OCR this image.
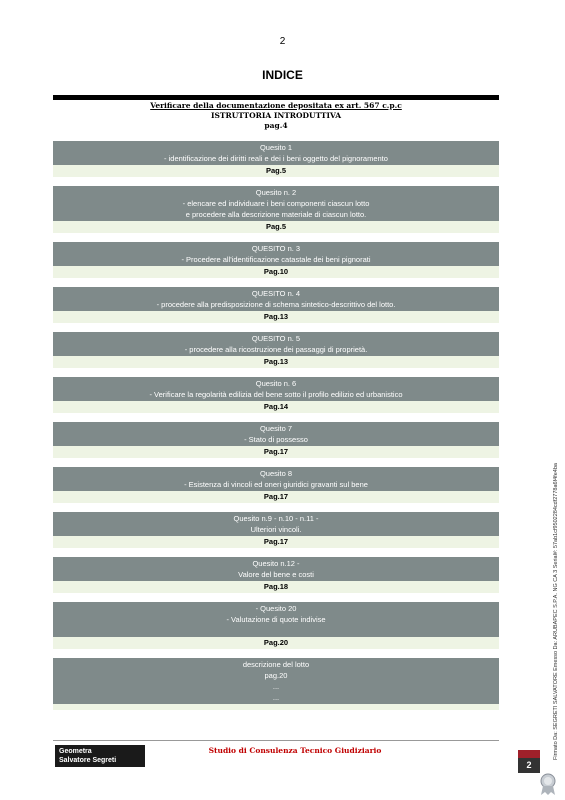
2
INDICE
Verificare della documentazione depositata ex art. 567 c.p.c
ISTRUTTORIA INTRODUTTIVA
pag.4
Quesito 1
- identificazione dei diritti reali e dei i beni oggetto del pignoramento
Pag.5
Quesito n. 2
- elencare ed individuare i beni componenti ciascun lotto
e procedere alla descrizione materiale di ciascun lotto.
Pag.5
QUESITO n. 3
- Procedere all'identificazione catastale dei beni pignorati
Pag.10
QUESITO n. 4
- procedere alla predisposizione di schema sintetico-descrittivo del lotto.
Pag.13
QUESITO n. 5
- procedere alla ricostruzione dei passaggi di proprietà.
Pag.13
Quesito n. 6
- Verificare la regolarità edilizia del bene sotto il profilo edilizio ed urbanistico
Pag.14
Quesito 7
- Stato di possesso
Pag.17
Quesito 8
- Esistenza di vincoli ed oneri giuridici gravanti sul bene
Pag.17
Quesito n.9 - n.10 - n.11 -
Ulteriori vincoli.
Pag.17
Quesito n.12 -
Valore del bene e costi
Pag.18
- Quesito 20
- Valutazione di quote indivise
Pag.20
descrizione del lotto
pag.20
...
...
Geometra
Salvatore Segreti
Studio di Consulenza Tecnico Giudiziario
2
Firmato Da: SEGRETI SALVATORE Emesso Da: ARUBAPEC S.P.A. NG CA 3 Serial#: 57ab1cf9502284cdf2778a6f4fe4ba
